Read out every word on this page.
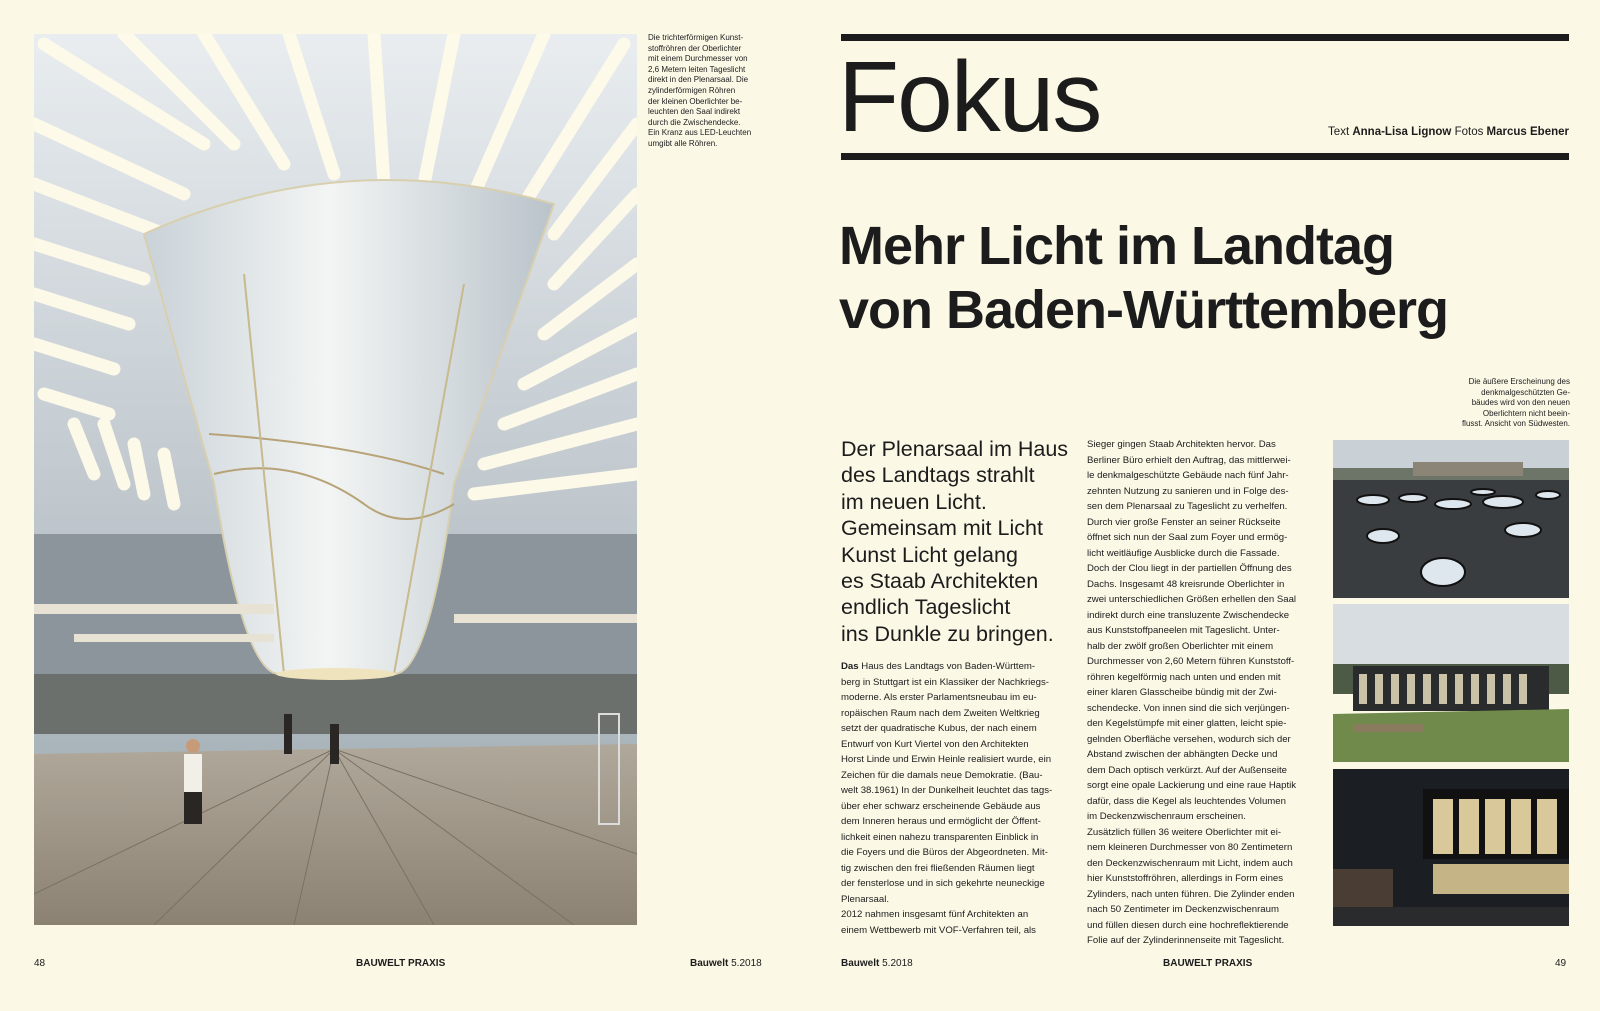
Die trichterförmigen Kunst-
stoffröhren der Oberlichter
mit einem Durchmesser von
2,6 Metern leiten Tageslicht
direkt in den Plenarsaal. Die
zylinderförmigen Röhren
der kleinen Oberlichter be-
leuchten den Saal indirekt
durch die Zwischendecke.
Ein Kranz aus LED-Leuchten
umgibt alle Röhren.
48	BAUWELT PRAXIS	Bauwelt 5.2018
Fokus	Text Anna-Lisa Lignow Fotos Marcus Ebener
Mehr Licht im Landtag
von Baden-Württemberg
Die äußere Erscheinung des
denkmalgeschützten Ge-
bäudes wird von den neuen
Oberlichtern nicht beein-
flusst. Ansicht von Südwesten.
Der Plenarsaal im Haus
des Landtags strahlt
im neuen Licht.
Gemeinsam mit Licht
Kunst Licht gelang
es Staab Architekten
endlich Tageslicht
ins Dunkle zu bringen.
Das Haus des Landtags von Baden-Württem-
berg in Stuttgart ist ein Klassiker der Nachkriegs-
moderne. Als erster Parlamentsneubau im eu-
ropäischen Raum nach dem Zweiten Weltkrieg
setzt der quadratische Kubus, der nach einem
Entwurf von Kurt Viertel von den Architekten
Horst Linde und Erwin Heinle realisiert wurde, ein
Zeichen für die damals neue Demokratie. (Bau-
welt 38.1961) In der Dunkelheit leuchtet das tags-
über eher schwarz erscheinende Gebäude aus
dem Inneren heraus und ermöglicht der Öffent-
lichkeit einen nahezu transparenten Einblick in
die Foyers und die Büros der Abgeordneten. Mit-
tig zwischen den frei fließenden Räumen liegt
der fensterlose und in sich gekehrte neuneckige
Plenarsaal.
2012 nahmen insgesamt fünf Architekten an
einem Wettbewerb mit VOF-Verfahren teil, als
Sieger gingen Staab Architekten hervor. Das
Berliner Büro erhielt den Auftrag, das mittlerwei-
le denkmalgeschützte Gebäude nach fünf Jahr-
zehnten Nutzung zu sanieren und in Folge des-
sen dem Plenarsaal zu Tageslicht zu verhelfen.
Durch vier große Fenster an seiner Rückseite
öffnet sich nun der Saal zum Foyer und ermög-
licht weitläufige Ausblicke durch die Fassade.
Doch der Clou liegt in der partiellen Öffnung des
Dachs. Insgesamt 48 kreisrunde Oberlichter in
zwei unterschiedlichen Größen erhellen den Saal
indirekt durch eine transluzente Zwischendecke
aus Kunststoffpaneelen mit Tageslicht. Unter-
halb der zwölf großen Oberlichter mit einem
Durchmesser von 2,60 Metern führen Kunststoff-
röhren kegelförmig nach unten und enden mit
einer klaren Glasscheibe bündig mit der Zwi-
schendecke. Von innen sind die sich verjüngen-
den Kegelstümpfe mit einer glatten, leicht spie-
gelnden Oberfläche versehen, wodurch sich der
Abstand zwischen der abhängten Decke und
dem Dach optisch verkürzt. Auf der Außenseite
sorgt eine opale Lackierung und eine raue Haptik
dafür, dass die Kegel als leuchtendes Volumen
im Deckenzwischenraum erscheinen.
Zusätzlich füllen 36 weitere Oberlichter mit ei-
nem kleineren Durchmesser von 80 Zentimetern
den Deckenzwischenraum mit Licht, indem auch
hier Kunststoffröhren, allerdings in Form eines
Zylinders, nach unten führen. Die Zylinder enden
nach 50 Zentimeter im Deckenzwischenraum
und füllen diesen durch eine hochreflektierende
Folie auf der Zylinderinnenseite mit Tageslicht.
Bauwelt 5.2018	BAUWELT PRAXIS	49
